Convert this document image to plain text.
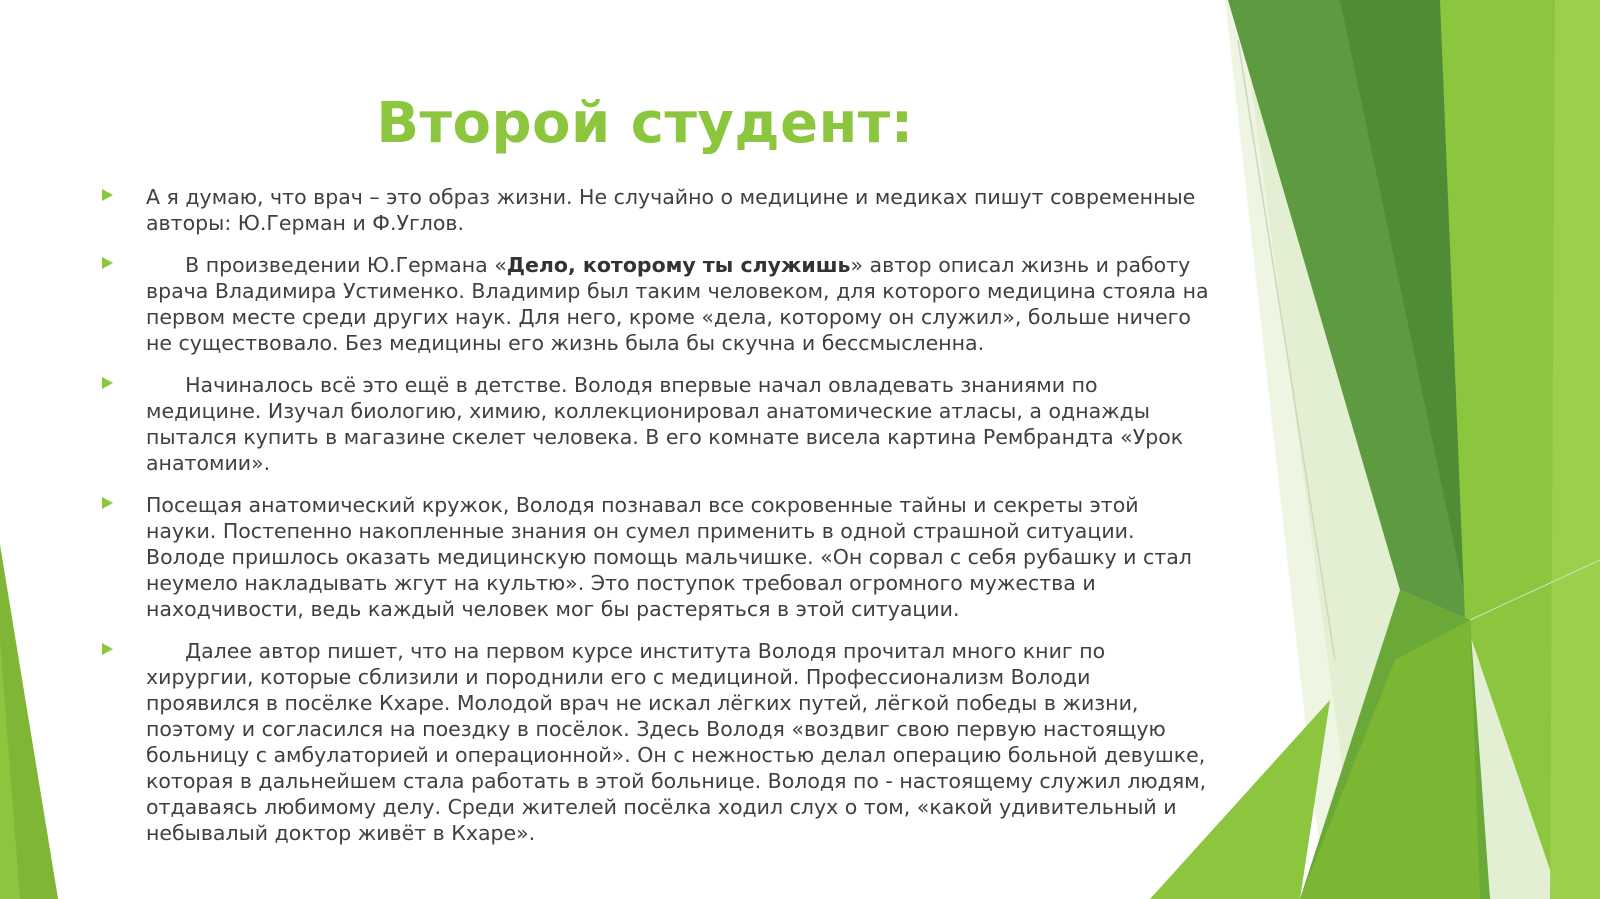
Второй студент:
А я думаю, что врач – это образ жизни. Не случайно о медицине и медиках пишут современные авторы: Ю.Герман и Ф.Углов.
В произведении Ю.Германа «Дело, которому ты служишь» автор описал жизнь и работу врача Владимира Устименко. Владимир был таким человеком, для которого медицина стояла на первом месте среди других наук. Для него, кроме «дела, которому он служил», больше ничего не существовало. Без медицины его жизнь была бы скучна и бессмысленна.
Начиналось всё это ещё в детстве. Володя впервые начал овладевать знаниями по медицине. Изучал биологию, химию, коллекционировал анатомические атласы, а однажды пытался купить в магазине скелет человека. В его комнате висела картина Рембрандта «Урок анатомии».
Посещая анатомический кружок, Володя познавал все сокровенные тайны и секреты этой науки. Постепенно накопленные знания он сумел применить в одной страшной ситуации. Володе пришлось оказать медицинскую помощь мальчишке. «Он сорвал с себя рубашку и стал неумело накладывать жгут на культю». Это поступок требовал огромного мужества и находчивости, ведь каждый человек мог бы растеряться в этой ситуации.
Далее автор пишет, что на первом курсе института Володя прочитал много книг по хирургии, которые сблизили и породнили его с медициной. Профессионализм Володи проявился в посёлке Кхаре. Молодой врач не искал лёгких путей, лёгкой победы в жизни, поэтому и согласился на поездку в посёлок. Здесь Володя «воздвиг свою первую настоящую больницу с амбулаторией и операционной». Он с нежностью делал операцию больной девушке, которая в дальнейшем стала работать в этой больнице. Володя по - настоящему служил людям, отдаваясь любимому делу. Среди жителей посёлка ходил слух о том, «какой удивительный и небывалый доктор живёт в Кхаре».
